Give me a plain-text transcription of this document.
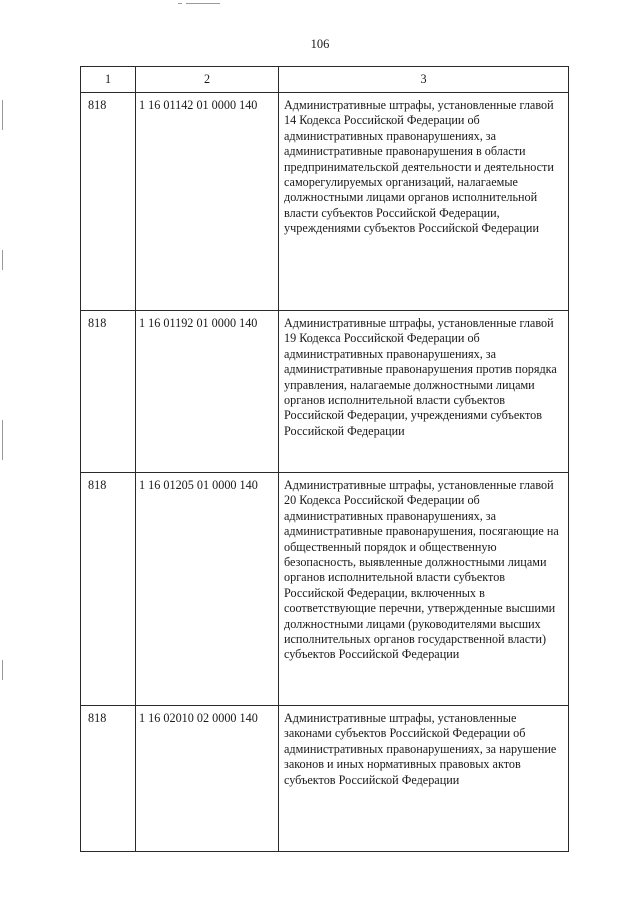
106
1	2	3
818	1 16 01142 01 0000 140	Административные штрафы, установленные главой 14 Кодекса Российской Федерации об административных правонарушениях, за административные правонарушения в области предпринимательской деятельности и деятельности саморегулируемых организаций, налагаемые должностными лицами органов исполнительной власти субъектов Российской Федерации, учреждениями субъектов Российской Федерации
818	1 16 01192 01 0000 140	Административные штрафы, установленные главой 19 Кодекса Российской Федерации об административных правонарушениях, за административные правонарушения против порядка управления, налагаемые должностными лицами органов исполнительной власти субъектов Российской Федерации, учреждениями субъектов Российской Федерации
818	1 16 01205 01 0000 140	Административные штрафы, установленные главой 20 Кодекса Российской Федерации об административных правонарушениях, за административные правонарушения, посягающие на общественный порядок и общественную безопасность, выявленные должностными лицами органов исполнительной власти субъектов Российской Федерации, включенных в соответствующие перечни, утвержденные высшими должностными лицами (руководителями высших исполнительных органов государственной власти) субъектов Российской Федерации
818	1 16 02010 02 0000 140	Административные штрафы, установленные законами субъектов Российской Федерации об административных правонарушениях, за нарушение законов и иных нормативных правовых актов субъектов Российской Федерации
